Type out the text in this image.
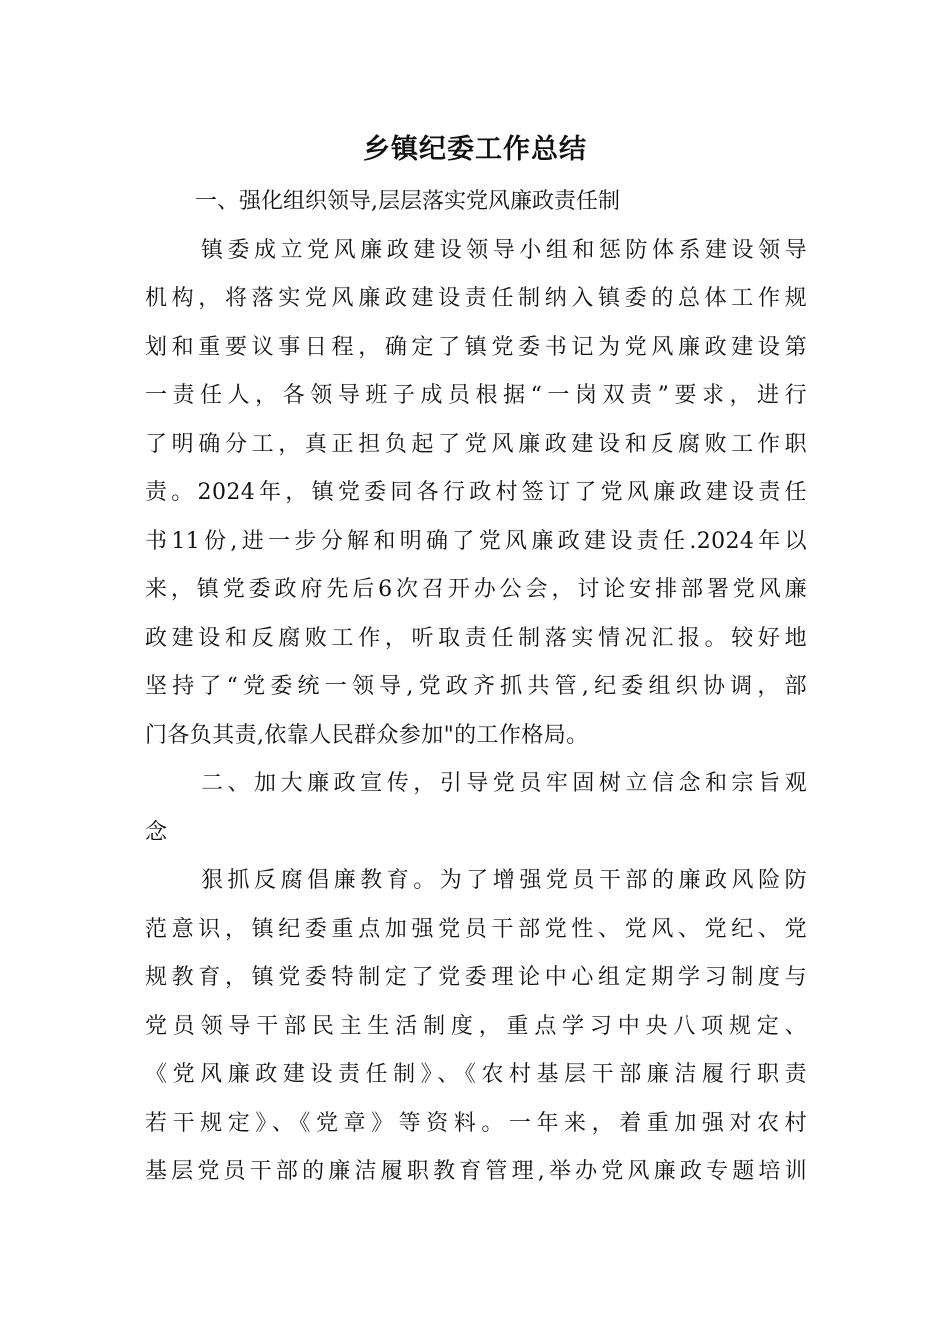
乡镇纪委工作总结

一、强化组织领导,层层落实党风廉政责任制

镇委成立党风廉政建设领导小组和惩防体系建设领导
机构，将落实党风廉政建设责任制纳入镇委的总体工作规
划和重要议事日程，确定了镇党委书记为党风廉政建设第
一责任人，各领导班子成员根据“一岗双责”要求，进行
了明确分工，真正担负起了党风廉政建设和反腐败工作职
责。2024年，镇党委同各行政村签订了党风廉政建设责任
书11份,进一步分解和明确了党风廉政建设责任.2024年以
来，镇党委政府先后6次召开办公会，讨论安排部署党风廉
政建设和反腐败工作，听取责任制落实情况汇报。较好地
坚持了“党委统一领导,党政齐抓共管,纪委组织协调，部
门各负其责,依靠人民群众参加"的工作格局。

二、加大廉政宣传，引导党员牢固树立信念和宗旨观
念

狠抓反腐倡廉教育。为了增强党员干部的廉政风险防
范意识，镇纪委重点加强党员干部党性、党风、党纪、党
规教育，镇党委特制定了党委理论中心组定期学习制度与
党员领导干部民主生活制度，重点学习中央八项规定、
《党风廉政建设责任制》、《农村基层干部廉洁履行职责
若干规定》、《党章》等资料。一年来，着重加强对农村
基层党员干部的廉洁履职教育管理,举办党风廉政专题培训
